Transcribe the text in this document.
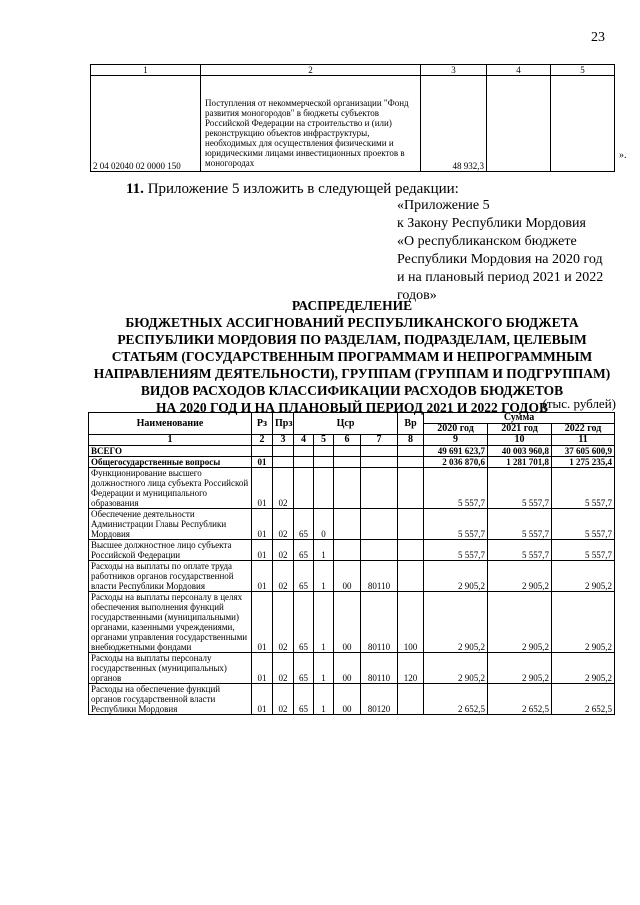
23
1	2	3	4	5
2 04 02040 02 0000 150	Поступления от некоммерческой организации "Фонд развития моногородов" в бюджеты субъектов Российской Федерации на строительство и (или) реконструкцию объектов инфраструктуры, необходимых для осуществления физическими и юридическими лицами инвестиционных проектов в моногородах	48 932,3		
».
11. Приложение 5 изложить в следующей редакции:
«Приложение 5
к Закону Республики Мордовия
«О республиканском бюджете
Республики Мордовия на 2020 год
и на плановый период 2021 и 2022
годов»
РАСПРЕДЕЛЕНИЕ
БЮДЖЕТНЫХ АССИГНОВАНИЙ РЕСПУБЛИКАНСКОГО БЮДЖЕТА
РЕСПУБЛИКИ МОРДОВИЯ ПО РАЗДЕЛАМ, ПОДРАЗДЕЛАМ, ЦЕЛЕВЫМ
СТАТЬЯМ (ГОСУДАРСТВЕННЫМ ПРОГРАММАМ И НЕПРОГРАММНЫМ
НАПРАВЛЕНИЯМ ДЕЯТЕЛЬНОСТИ), ГРУППАМ (ГРУППАМ И ПОДГРУППАМ)
ВИДОВ РАСХОДОВ КЛАССИФИКАЦИИ РАСХОДОВ БЮДЖЕТОВ
НА 2020 ГОД И НА ПЛАНОВЫЙ ПЕРИОД 2021 И 2022 ГОДОВ
(тыс. рублей)
Наименование	Рз	Прз	Цср				Вр	Сумма		
								2020 год	2021 год	2022 год
1	2	3	4	5	6	7	8	9	10	11
ВСЕГО								49 691 623,7	40 003 960,8	37 605 600,9
Общегосударственные вопросы	01							2 036 870,6	1 281 701,8	1 275 235,4
Функционирование высшего должностного лица субъекта Российской Федерации и муниципального образования	01	02						5 557,7	5 557,7	5 557,7
Обеспечение деятельности Администрации Главы Республики Мордовия	01	02	65	0				5 557,7	5 557,7	5 557,7
Высшее должностное лицо субъекта Российской Федерации	01	02	65	1				5 557,7	5 557,7	5 557,7
Расходы на выплаты по оплате труда работников органов государственной власти Республики Мордовия	01	02	65	1	00	80110		2 905,2	2 905,2	2 905,2
Расходы на выплаты персоналу в целях обеспечения выполнения функций государственными (муниципальными) органами, казенными учреждениями, органами управления государственными внебюджетными фондами	01	02	65	1	00	80110	100	2 905,2	2 905,2	2 905,2
Расходы на выплаты персоналу государственных (муниципальных) органов	01	02	65	1	00	80110	120	2 905,2	2 905,2	2 905,2
Расходы на обеспечение функций органов государственной власти Республики Мордовия	01	02	65	1	00	80120		2 652,5	2 652,5	2 652,5
